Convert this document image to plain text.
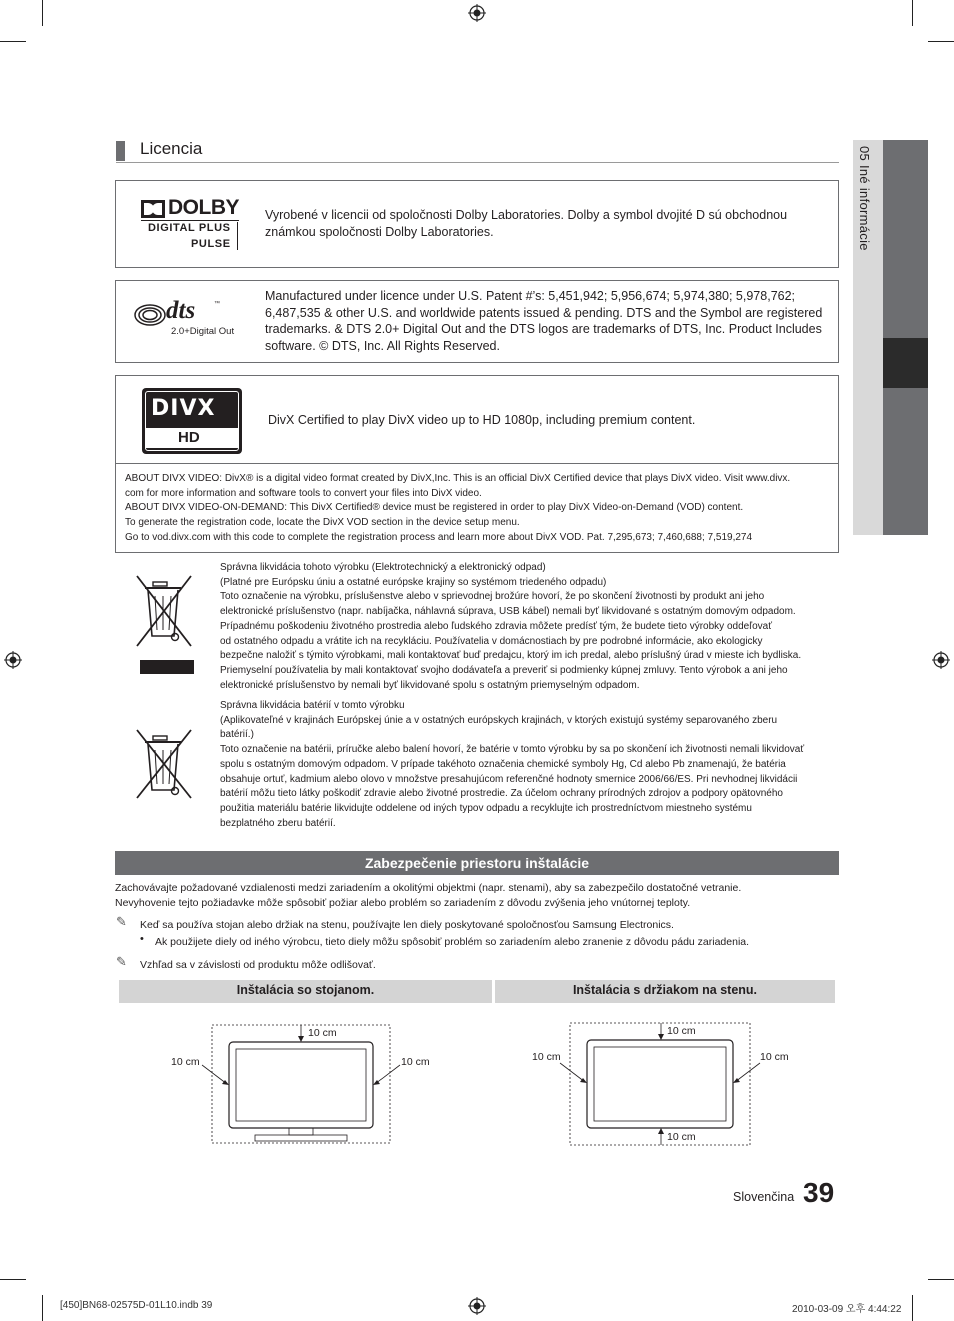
05 Iné informácie
Licencia
DOLBY
DIGITAL PLUS
PULSE
Vyrobené v licencii od spoločnosti Dolby Laboratories. Dolby a symbol dvojité D sú obchodnou známkou spoločnosti Dolby Laboratories.
dts	™
2.0+Digital Out
Manufactured under licence under U.S. Patent #’s: 5,451,942; 5,956,674; 5,974,380; 5,978,762; 6,487,535 & other U.S. and worldwide patents issued & pending. DTS and the Symbol are registered trademarks. & DTS 2.0+ Digital Out and the DTS logos are trademarks of DTS, Inc. Product Includes software. © DTS, Inc. All Rights Reserved.
DIVX
HD
DivX Certified to play DivX video up to HD 1080p, including premium content.
ABOUT DIVX VIDEO: DivX® is a digital video format created by DivX,Inc. This is an official DivX Certified device that plays DivX video. Visit www.divx.
com for more information and software tools to convert your files into DivX video.
ABOUT DIVX VIDEO-ON-DEMAND: This DivX Certified® device must be registered in order to play DivX Video-on-Demand (VOD) content.
To generate the registration code, locate the DivX VOD section in the device setup menu.
Go to vod.divx.com with this code to complete the registration process and learn more about DivX VOD. Pat. 7,295,673; 7,460,688; 7,519,274
Správna likvidácia tohoto výrobku (Elektrotechnický a elektronický odpad)
(Platné pre Európsku úniu a ostatné európske krajiny so systémom triedeného odpadu)
Toto označenie na výrobku, príslušenstve alebo v sprievodnej brožúre hovorí, že po skončení životnosti by produkt ani jeho
elektronické príslušenstvo (napr. nabíjačka, náhlavná súprava, USB kábel) nemali byť likvidované s ostatným domovým odpadom.
Prípadnému poškodeniu životného prostredia alebo ľudského zdravia môžete predísť tým, že budete tieto výrobky oddeľovať
od ostatného odpadu a vrátite ich na recykláciu. Používatelia v domácnostiach by pre podrobné informácie, ako ekologicky
bezpečne naložiť s týmito výrobkami, mali kontaktovať buď predajcu, ktorý im ich predal, alebo príslušný úrad v mieste ich bydliska.
Priemyselní používatelia by mali kontaktovať svojho dodávateľa a preveriť si podmienky kúpnej zmluvy. Tento výrobok a ani jeho
elektronické príslušenstvo by nemali byť likvidované spolu s ostatným priemyselným odpadom.
Správna likvidácia batérií v tomto výrobku
(Aplikovateľné v krajinách Európskej únie a v ostatných európskych krajinách, v ktorých existujú systémy separovaného zberu
batérií.)
Toto označenie na batérii, príručke alebo balení hovorí, že batérie v tomto výrobku by sa po skončení ich životnosti nemali likvidovať
spolu s ostatným domovým odpadom. V prípade takéhoto označenia chemické symboly Hg, Cd alebo Pb znamenajú, že batéria
obsahuje ortuť, kadmium alebo olovo v množstve presahujúcom referenčné hodnoty smernice 2006/66/ES. Pri nevhodnej likvidácii
batérií môžu tieto látky poškodiť zdravie alebo životné prostredie. Za účelom ochrany prírodných zdrojov a podpory opätovného
použitia materiálu batérie likvidujte oddelene od iných typov odpadu a recyklujte ich prostredníctvom miestneho systému
bezplatného zberu batérií.
Zabezpečenie priestoru inštalácie
Zachovávajte požadované vzdialenosti medzi zariadením a okolitými objektmi (napr. stenami), aby sa zabezpečilo dostatočné vetranie.
Nevyhovenie tejto požiadavke môže spôsobiť požiar alebo problém so zariadením z dôvodu zvýšenia jeho vnútornej teploty.
✎ Keď sa používa stojan alebo držiak na stenu, používajte len diely poskytované spoločnosťou Samsung Electronics.
• Ak použijete diely od iného výrobcu, tieto diely môžu spôsobiť problém so zariadením alebo zranenie z dôvodu pádu zariadenia.
✎ Vzhľad sa v závislosti od produktu môže odlišovať.
Inštalácia so stojanom.	Inštalácia s držiakom na stenu.
10 cm
10 cm	10 cm
10 cm
10 cm	10 cm
10 cm
Slovenčina 39
[450]BN68-02575D-01L10.indb 39	2010-03-09 오후 4:44:22
